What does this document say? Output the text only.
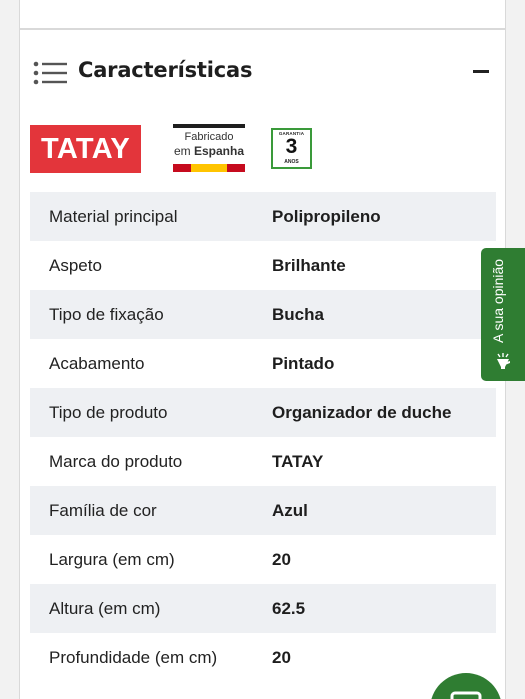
Características
TATAY	Fabricado
em Espanha
GARANTIA
3
ANOS
Material principal	Polipropileno
Aspeto	Brilhante
Tipo de fixação	Bucha
Acabamento	Pintado
Tipo de produto	Organizador de duche
Marca do produto	TATAY
Família de cor	Azul
Largura (em cm)	20
Altura (em cm)	62.5
Profundidade (em cm)	20
A sua opinião
